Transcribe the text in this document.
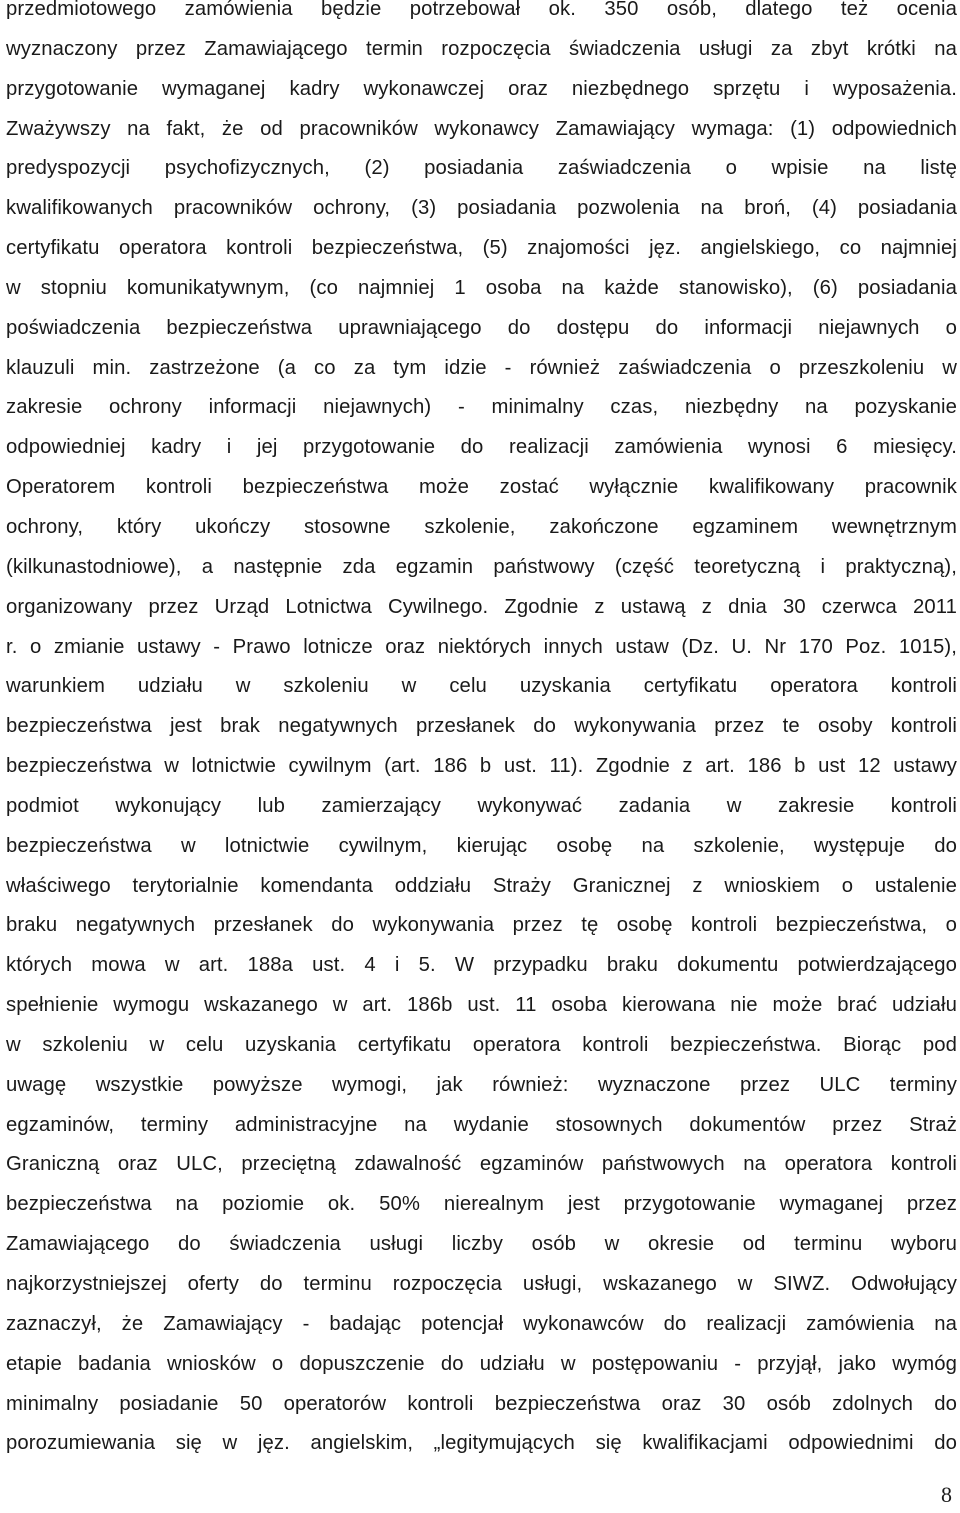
przedmiotowego zamówienia będzie potrzebował ok. 350 osób, dlatego też ocenia
wyznaczony przez Zamawiającego termin rozpoczęcia świadczenia usługi za zbyt krótki na
przygotowanie wymaganej kadry wykonawczej oraz niezbędnego sprzętu i wyposażenia.
Zważywszy na fakt, że od pracowników wykonawcy Zamawiający wymaga: (1) odpowiednich
predyspozycji psychofizycznych, (2) posiadania zaświadczenia o wpisie na listę
kwalifikowanych pracowników ochrony, (3) posiadania pozwolenia na broń, (4) posiadania
certyfikatu operatora kontroli bezpieczeństwa, (5) znajomości jęz. angielskiego, co najmniej
w stopniu komunikatywnym, (co najmniej 1 osoba na każde stanowisko), (6) posiadania
poświadczenia bezpieczeństwa uprawniającego do dostępu do informacji niejawnych o
klauzuli min. zastrzeżone (a co za tym idzie - również zaświadczenia o przeszkoleniu w
zakresie ochrony informacji niejawnych) - minimalny czas, niezbędny na pozyskanie
odpowiedniej kadry i jej przygotowanie do realizacji zamówienia wynosi 6 miesięcy.
Operatorem kontroli bezpieczeństwa może zostać wyłącznie kwalifikowany pracownik
ochrony, który ukończy stosowne szkolenie, zakończone egzaminem wewnętrznym
(kilkunastodniowe), a następnie zda egzamin państwowy (część teoretyczną i praktyczną),
organizowany przez Urząd Lotnictwa Cywilnego. Zgodnie z ustawą z dnia 30 czerwca 2011
r. o zmianie ustawy - Prawo lotnicze oraz niektórych innych ustaw (Dz. U. Nr 170 Poz. 1015),
warunkiem udziału w szkoleniu w celu uzyskania certyfikatu operatora kontroli
bezpieczeństwa jest brak negatywnych przesłanek do wykonywania przez te osoby kontroli
bezpieczeństwa w lotnictwie cywilnym (art. 186 b ust. 11). Zgodnie z art. 186 b ust 12 ustawy
podmiot wykonujący lub zamierzający wykonywać zadania w zakresie kontroli
bezpieczeństwa w lotnictwie cywilnym, kierując osobę na szkolenie, występuje do
właściwego terytorialnie komendanta oddziału Straży Granicznej z wnioskiem o ustalenie
braku negatywnych przesłanek do wykonywania przez tę osobę kontroli bezpieczeństwa, o
których mowa w art. 188a ust. 4 i 5. W przypadku braku dokumentu potwierdzającego
spełnienie wymogu wskazanego w art. 186b ust. 11 osoba kierowana nie może brać udziału
w szkoleniu w celu uzyskania certyfikatu operatora kontroli bezpieczeństwa. Biorąc pod
uwagę wszystkie powyższe wymogi, jak również: wyznaczone przez ULC terminy
egzaminów, terminy administracyjne na wydanie stosownych dokumentów przez Straż
Graniczną oraz ULC, przeciętną zdawalność egzaminów państwowych na operatora kontroli
bezpieczeństwa na poziomie ok. 50% nierealnym jest przygotowanie wymaganej przez
Zamawiającego do świadczenia usługi liczby osób w okresie od terminu wyboru
najkorzystniejszej oferty do terminu rozpoczęcia usługi, wskazanego w SIWZ. Odwołujący
zaznaczył, że Zamawiający - badając potencjał wykonawców do realizacji zamówienia na
etapie badania wniosków o dopuszczenie do udziału w postępowaniu - przyjął, jako wymóg
minimalny posiadanie 50 operatorów kontroli bezpieczeństwa oraz 30 osób zdolnych do
porozumiewania się w jęz. angielskim, „legitymujących się kwalifikacjami odpowiednimi do
8
